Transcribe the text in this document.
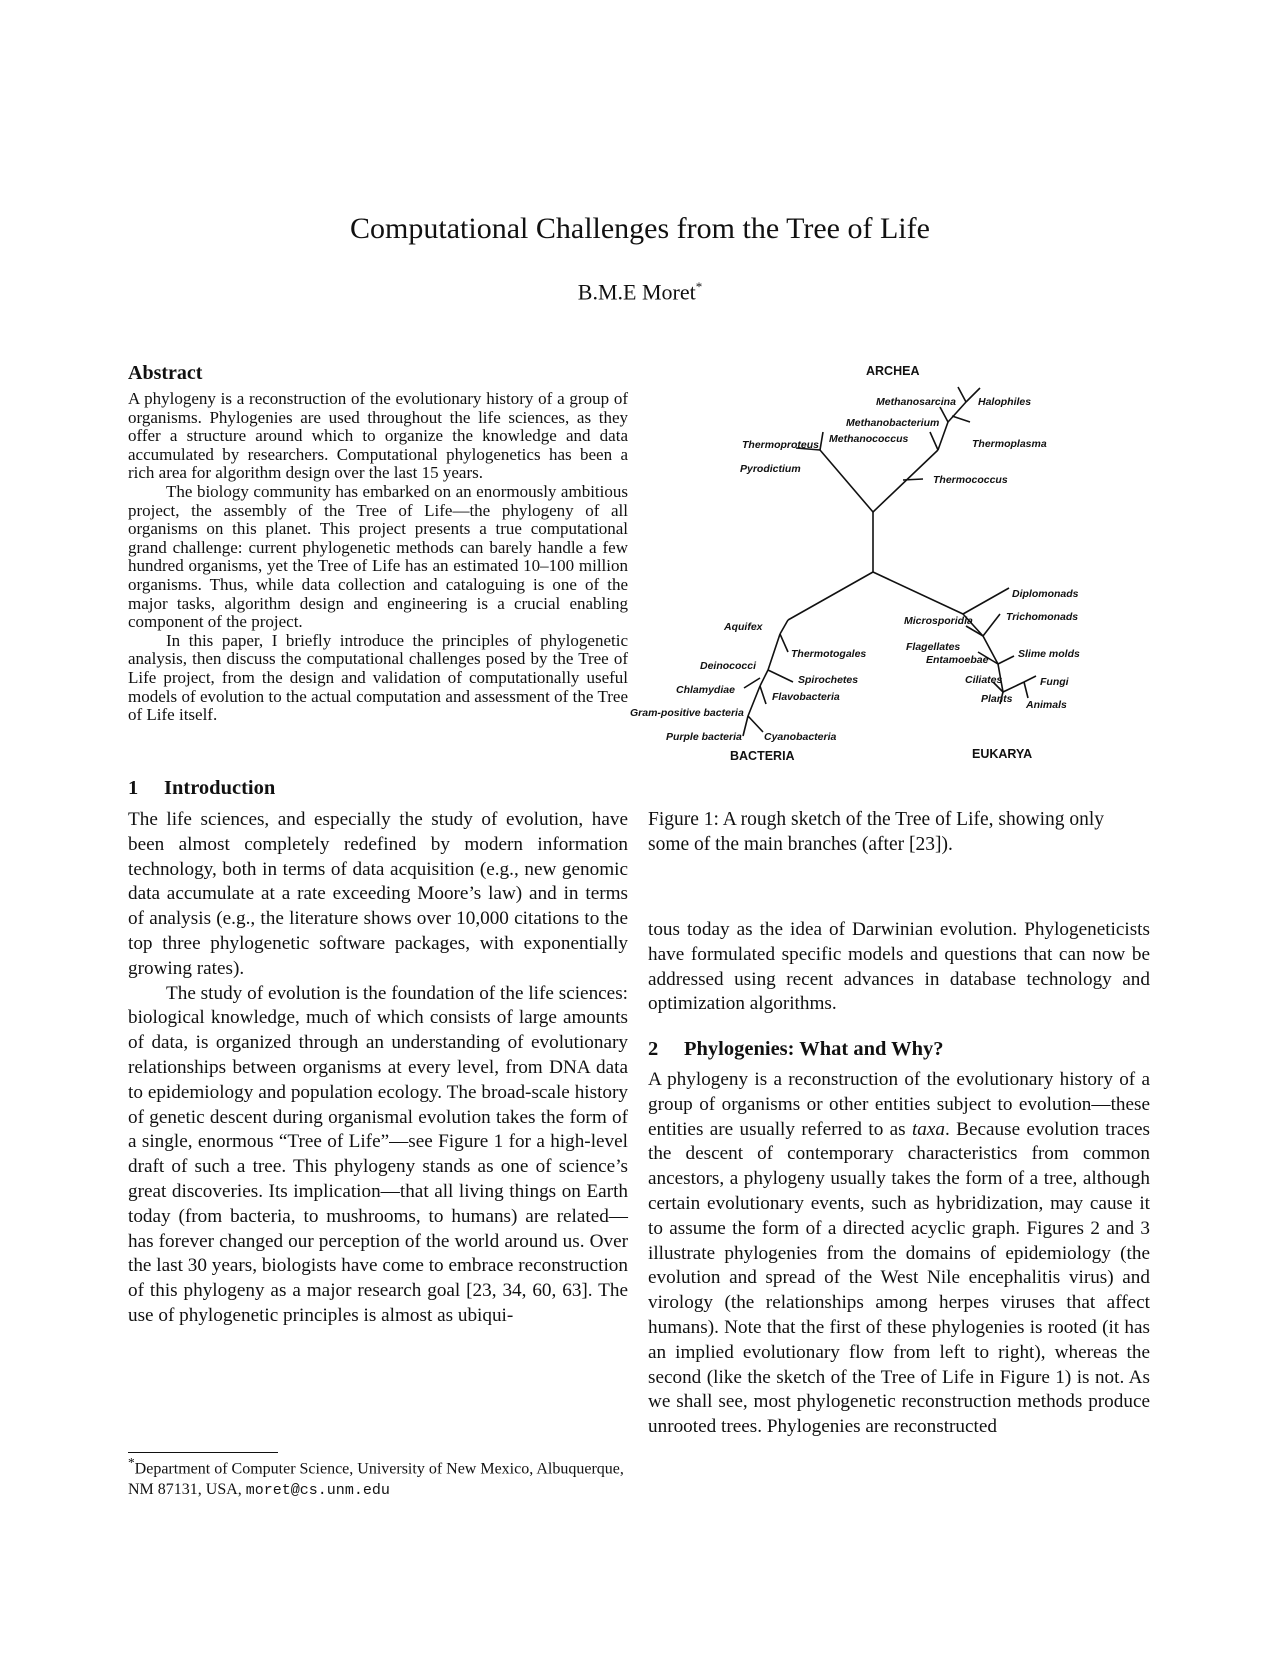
Computational Challenges from the Tree of Life
B.M.E Moret*
Abstract

A phylogeny is a reconstruction of the evolutionary history of a group of organisms. Phylogenies are used throughout the life sciences, as they offer a structure around which to organize the knowledge and data accumulated by researchers. Computational phylogenetics has been a rich area for algorithm design over the last 15 years.

The biology community has embarked on an enormously ambitious project, the assembly of the Tree of Life—the phylogeny of all organisms on this planet. This project presents a true computational grand challenge: current phylogenetic methods can barely handle a few hundred organisms, yet the Tree of Life has an estimated 10–100 million organisms. Thus, while data collection and cataloguing is one of the major tasks, algorithm design and engineering is a crucial enabling component of the project.

In this paper, I briefly introduce the principles of phylogenetic analysis, then discuss the computational challenges posed by the Tree of Life project, from the design and validation of computationally useful models of evolution to the actual computation and assessment of the Tree of Life itself.

1 Introduction

The life sciences, and especially the study of evolution, have been almost completely redefined by modern information technology, both in terms of data acquisition (e.g., new genomic data accumulate at a rate exceeding Moore’s law) and in terms of analysis (e.g., the literature shows over 10,000 citations to the top three phylogenetic software packages, with exponentially growing rates).

The study of evolution is the foundation of the life sciences: biological knowledge, much of which consists of large amounts of data, is organized through an understanding of evolutionary relationships between organisms at every level, from DNA data to epidemiology and population ecology. The broad-scale history of genetic descent during organismal evolution takes the form of a single, enormous “Tree of Life”—see Figure 1 for a high-level draft of such a tree. This phylogeny stands as one of science’s great discoveries. Its implication—that all living things on Earth today (from bacteria, to mushrooms, to humans) are related—has forever changed our perception of the world around us. Over the last 30 years, biologists have come to embrace reconstruction of this phylogeny as a major research goal [23, 34, 60, 63]. The use of phylogenetic principles is almost as ubiqui-

ARCHEA
BACTERIA	EUKARYA
Methanosarcina Halophiles
Methanobacterium
Methanococcus	Thermoplasma
Thermoproteus
Pyrodictium
Thermococcus
Aquifex
Thermotogales
Deinococci
Spirochetes
Chlamydiae
Flavobacteria
Gram-positive bacteria
Purple bacteria Cyanobacteria
Diplomonads
Microsporidia	Trichomonads
Flagellates
Entamoebae	Slime molds
Ciliates	Fungi
Plants Animals
Figure 1: A rough sketch of the Tree of Life, showing only some of the main branches (after [23]).

tous today as the idea of Darwinian evolution. Phylogeneticists have formulated specific models and questions that can now be addressed using recent advances in database technology and optimization algorithms.

2 Phylogenies: What and Why?

A phylogeny is a reconstruction of the evolutionary history of a group of organisms or other entities subject to evolution—these entities are usually referred to as taxa. Because evolution traces the descent of contemporary characteristics from common ancestors, a phylogeny usually takes the form of a tree, although certain evolutionary events, such as hybridization, may cause it to assume the form of a directed acyclic graph. Figures 2 and 3 illustrate phylogenies from the domains of epidemiology (the evolution and spread of the West Nile encephalitis virus) and virology (the relationships among herpes viruses that affect humans). Note that the first of these phylogenies is rooted (it has an implied evolutionary flow from left to right), whereas the second (like the sketch of the Tree of Life in Figure 1) is not. As we shall see, most phylogenetic reconstruction methods produce unrooted trees. Phylogenies are reconstructed

*Department of Computer Science, University of New Mexico, Albuquerque, NM 87131, USA, moret@cs.unm.edu
